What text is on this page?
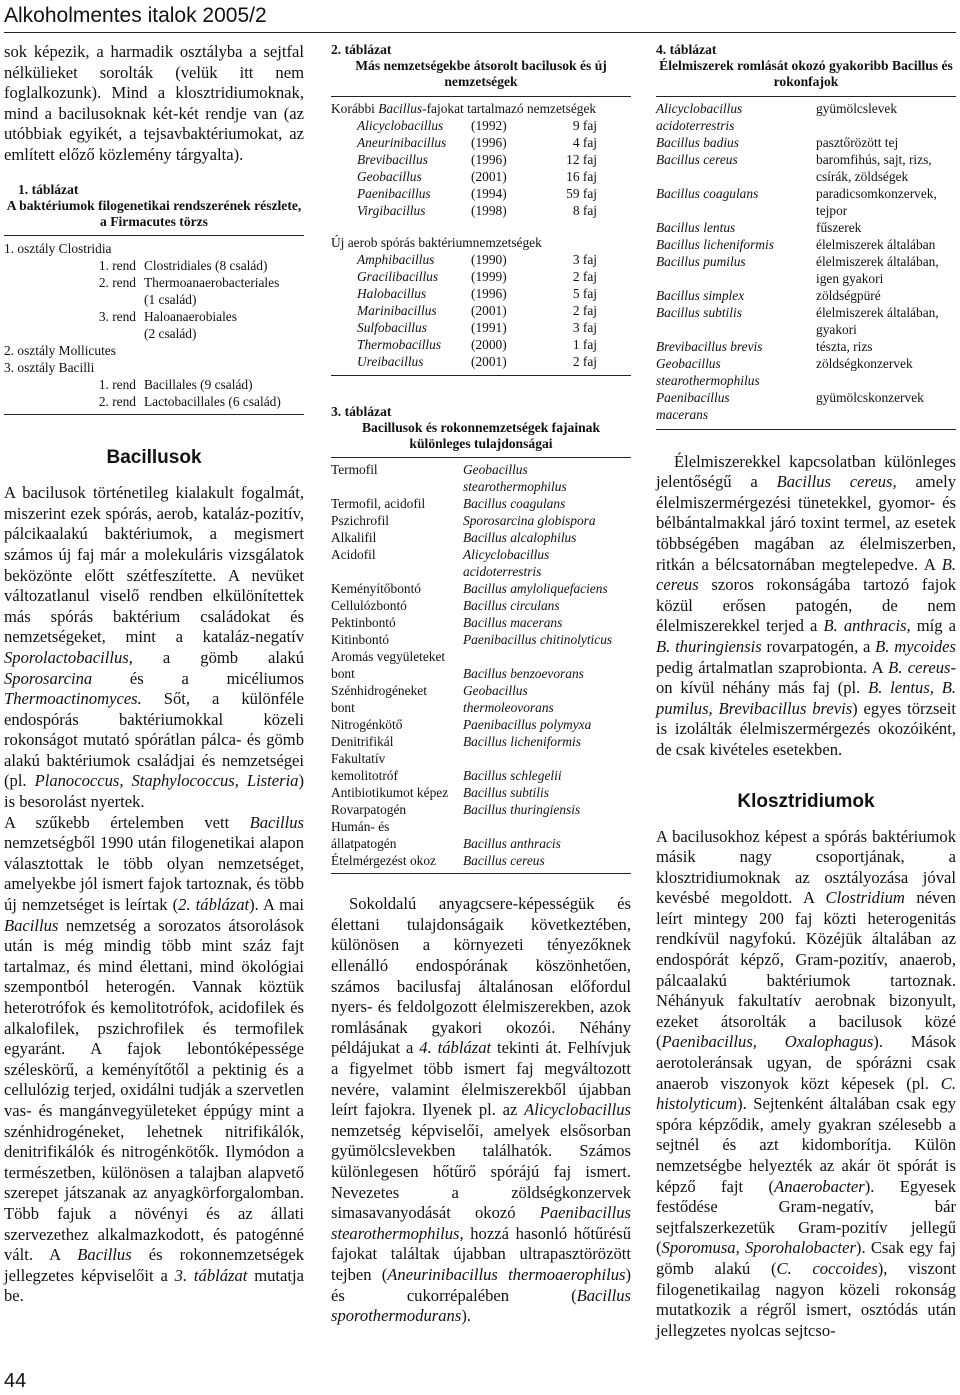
Alkoholmentes italok 2005/2

sok képezik, a harmadik osztályba a sejtfal nélkülieket sorolták (velük itt nem foglalkozunk). Mind a klosztridiumoknak, mind a bacilusoknak két-két rendje van (az utóbbiak egyikét, a tejsavbaktériumokat, az említett előző közlemény tárgyalta).

1. táblázat
A baktériumok filogenetikai rendszerének részlete, a Firmacutes törzs

1. osztály Clostridia
1. rend Clostridiales (8 család)
2. rend Thermoanaerobacteriales
(1 család)
3. rend Haloanaerobiales
(2 család)
2. osztály Mollicutes
3. osztály Bacilli
1. rend Bacillales (9 család)
2. rend Lactobacillales (6 család)

Bacillusok

A bacilusok történetileg kialakult fogalmát, miszerint ezek spórás, aerob, kataláz-pozitív, pálcikaalakú baktériumok, a megismert számos új faj már a molekuláris vizsgálatok beközönte előtt szétfeszítette. A nevüket változatlanul viselő rendben elkülönítettek más spórás baktérium családokat és nemzetségeket, mint a kataláz-negatív Sporolactobacillus, a gömb alakú Sporosarcina és a micéliumos Thermoactinomyces. Sőt, a különféle endospórás baktériumokkal közeli rokonságot mutató spórátlan pálca- és gömb alakú baktériumok családjai és nemzetségei (pl. Planococcus, Staphylococcus, Listeria) is besorolást nyertek.

A szűkebb értelemben vett Bacillus nemzetségből 1990 után filogenetikai alapon választottak le több olyan nemzetséget, amelyekbe jól ismert fajok tartoznak, és több új nemzetséget is leírtak (2. táblázat). A mai Bacillus nemzetség a sorozatos átsorolások után is még mindig több mint száz fajt tartalmaz, és mind élettani, mind ökológiai szempontból heterogén. Vannak köztük heterotrófok és kemolitotrófok, acidofilek és alkalofilek, pszichrofilek és termofilek egyaránt. A fajok lebontóképessége széleskörű, a keményítőtől a pektinig és a cellulózig terjed, oxidálni tudják a szervetlen vas- és mangánvegyületeket éppúgy mint a szénhidrogéneket, lehetnek nitrifikálók, denitrifikálók és nitrogénkötők. Ilymódon a természetben, különösen a talajban alapvető szerepet játszanak az anyagkörforgalomban. Több fajuk a növényi és az állati szervezethez alkalmazkodott, és patogénné vált. A Bacillus és rokonnemzetségek jellegzetes képviselőit a 3. táblázat mutatja be.

2. táblázat
Más nemzetségekbe átsorolt bacilusok és új nemzetségek

Korábbi Bacillus-fajokat tartalmazó nemzetségek
Alicyclobacillus	(1992)	9 faj
Aneurinibacillus	(1996)	4 faj
Brevibacillus	(1996)	12 faj
Geobacillus	(2001)	16 faj
Paenibacillus	(1994)	59 faj
Virgibacillus	(1998)	8 faj
Új aerob spórás baktériumnemzetségek
Amphibacillus	(1990)	3 faj
Gracilibacillus	(1999)	2 faj
Halobacillus	(1996)	5 faj
Marinibacillus	(2001)	2 faj
Sulfobacillus	(1991)	3 faj
Thermobacillus	(2000)	1 faj
Ureibacillus	(2001)	2 faj

3. táblázat
Bacillusok és rokonnemzetségek fajainak különleges tulajdonságai

Termofil	Geobacillus
stearothermophilus
Termofil, acidofil	Bacillus coagulans
Pszichrofil	Sporosarcina globispora
Alkalifil	Bacillus alcalophilus
Acidofil	Alicyclobacillus
acidoterrestris
Keményítőbontó	Bacillus amyloliquefaciens
Cellulózbontó	Bacillus circulans
Pektinbontó	Bacillus macerans
Kitinbontó	Paenibacillus chitinolyticus
Aromás vegyületeket
bont	Bacillus benzoevorans
Szénhidrogéneket	Geobacillus
bont	thermoleovorans
Nitrogénkötő	Paenibacillus polymyxa
Denitrifikál	Bacillus licheniformis
Fakultatív
kemolitotróf	Bacillus schlegelii
Antibiotikumot képez	Bacillus subtilis
Rovarpatogén	Bacillus thuringiensis
Humán- és
állatpatogén	Bacillus anthracis
Ételmérgezést okoz	Bacillus cereus

Sokoldalú anyagcsere-képességük és élettani tulajdonságaik következtében, különösen a környezeti tényezőknek ellenálló endospórának köszönhetően, számos bacilusfaj általánosan előfordul nyers- és feldolgozott élelmiszerekben, azok romlásának gyakori okozói. Néhány példájukat a 4. táblázat tekinti át. Felhívjuk a figyelmet több ismert faj megváltozott nevére, valamint élelmiszerekből újabban leírt fajokra. Ilyenek pl. az Alicyclobacillus nemzetség képviselői, amelyek elsősorban gyümölcslevekben találhatók. Számos különlegesen hőtűrő spórájú faj ismert. Nevezetes a zöldségkonzervek simasavanyodását okozó Paenibacillus stearothermophilus, hozzá hasonló hőtűrésű fajokat találtak újabban ultrapasztörözött tejben (Aneurinibacillus thermoaerophilus) és cukorrépalében (Bacillus sporothermodurans).

4. táblázat
Élelmiszerek romlását okozó gyakoribb Bacillus és rokonfajok

Alicyclobacillus	gyümölcslevek
acidoterrestris
Bacillus badius	pasztőrözött tej
Bacillus cereus	baromfihús, sajt, rizs,
csírák, zöldségek
Bacillus coagulans	paradicsomkonzervek,
tejpor
Bacillus lentus	fűszerek
Bacillus licheniformis	élelmiszerek általában
Bacillus pumilus	élelmiszerek általában,
igen gyakori
Bacillus simplex	zöldségpüré
Bacillus subtilis	élelmiszerek általában,
gyakori
Brevibacillus brevis	tészta, rizs
Geobacillus	zöldségkonzervek
stearothermophilus
Paenibacillus	gyümölcskonzervek
macerans

Élelmiszerekkel kapcsolatban különleges jelentőségű a Bacillus cereus, amely élelmiszermérgezési tünetekkel, gyomor- és bélbántalmakkal járó toxint termel, az esetek többségében magában az élelmiszerben, ritkán a bélcsatornában megtelepedve. A B. cereus szoros rokonságába tartozó fajok közül erősen patogén, de nem élelmiszerekkel terjed a B. anthracis, míg a B. thuringiensis rovarpatogén, a B. mycoides pedig ártalmatlan szaprobionta. A B. cereus-on kívül néhány más faj (pl. B. lentus, B. pumilus, Brevibacillus brevis) egyes törzseit is izolálták élelmiszermérgezés okozóiként, de csak kivételes esetekben.

Klosztridiumok

A bacilusokhoz képest a spórás baktériumok másik nagy csoportjának, a klosztridiumoknak az osztályozása jóval kevésbé megoldott. A Clostridium néven leírt mintegy 200 faj közti heterogenitás rendkívül nagyfokú. Közéjük általában az endospórát képző, Gram-pozitív, anaerob, pálcaalakú baktériumok tartoznak. Néhányuk fakultatív aerobnak bizonyult, ezeket átsorolták a bacilusok közé (Paenibacillus, Oxalophagus). Mások aerotoleránsak ugyan, de spórázni csak anaerob viszonyok közt képesek (pl. C. histolyticum). Sejtenként általában csak egy spóra képződik, amely gyakran szélesebb a sejtnél és azt kidomborítja. Külön nemzetségbe helyezték az akár öt spórát is képző fajt (Anaerobacter). Egyesek festődése Gram-negatív, bár sejtfalszerkezetük Gram-pozitív jellegű (Sporomusa, Sporohalobacter). Csak egy faj gömb alakú (C. coccoides), viszont filogenetikailag nagyon közeli rokonság mutatkozik a régről ismert, osztódás után jellegzetes nyolcas sejtcso-

44
